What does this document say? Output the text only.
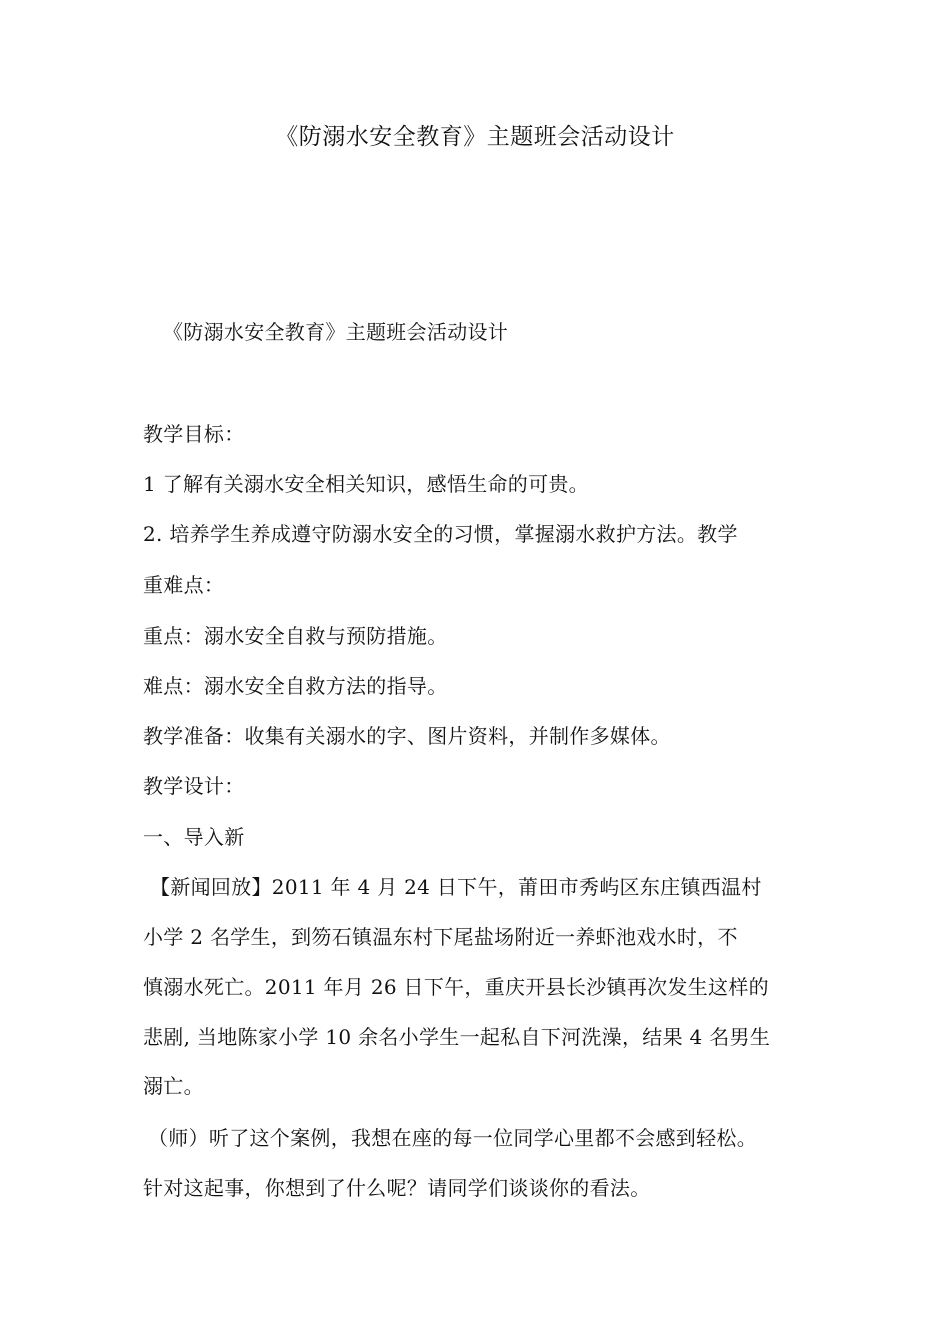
《防溺水安全教育》主题班会活动设计
《防溺水安全教育》主题班会活动设计
教学目标：
1 了解有关溺水安全相关知识，感悟生命的可贵。
2. 培养学生养成遵守防溺水安全的习惯，掌握溺水救护方法。教学
重难点：
重点：溺水安全自救与预防措施。
难点：溺水安全自救方法的指导。
教学准备：收集有关溺水的字、图片资料，并制作多媒体。
教学设计：
一、导入新
【新闻回放】2011 年 4 月 24 日下午，莆田市秀屿区东庄镇西温村
小学 2 名学生，到笏石镇温东村下尾盐场附近一养虾池戏水时，不
慎溺水死亡。2011 年月 26 日下午，重庆开县长沙镇再次发生这样的
悲剧, 当地陈家小学 10 余名小学生一起私自下河洗澡，结果 4 名男生
溺亡。
（师）听了这个案例，我想在座的每一位同学心里都不会感到轻松。
针对这起事，你想到了什么呢？请同学们谈谈你的看法。
